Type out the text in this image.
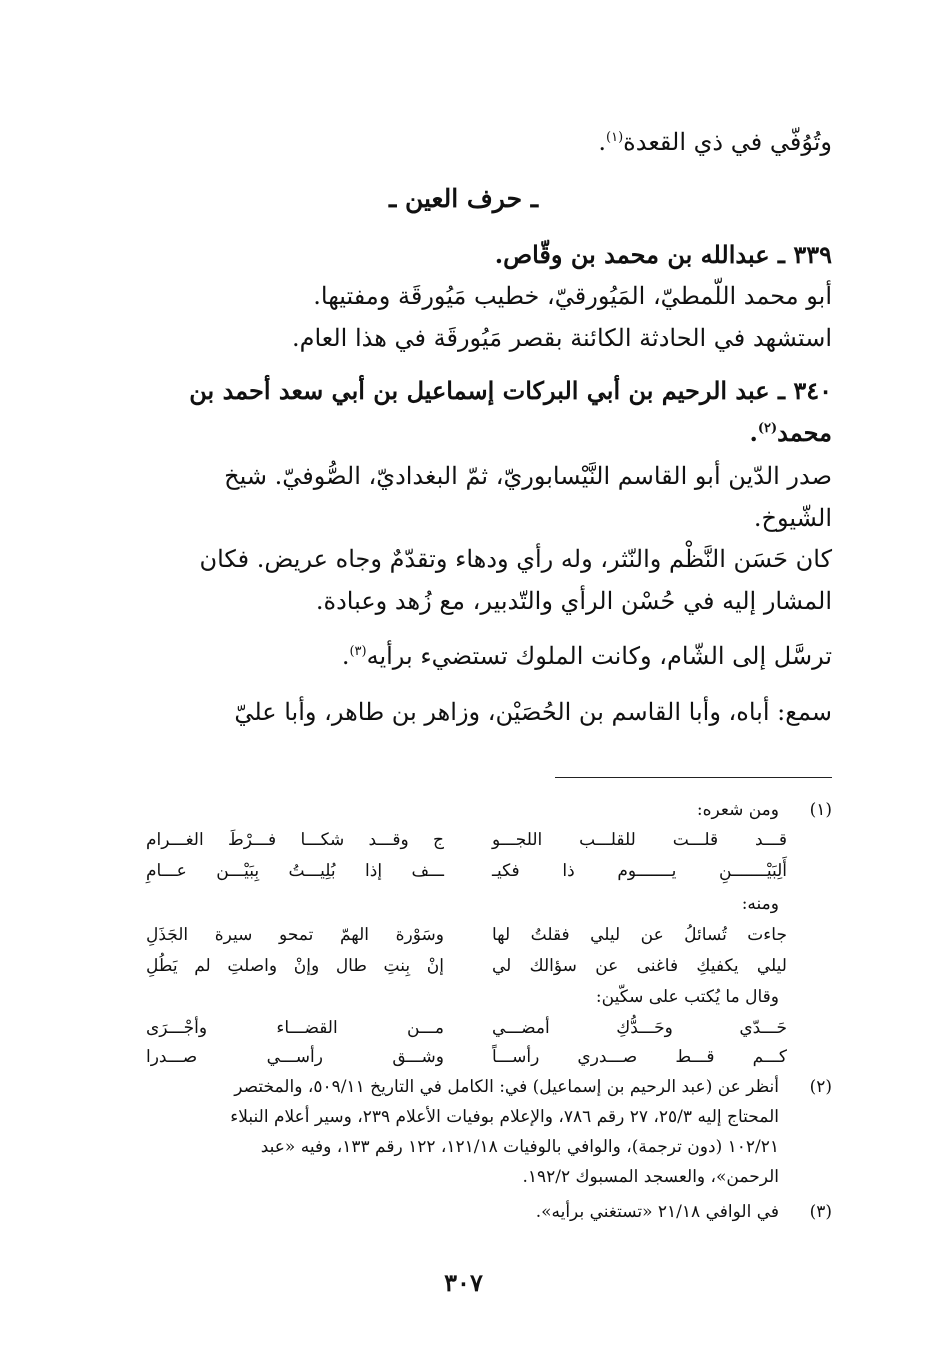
وتُوُفّي في ذي القعدة$^{(١)}$.
ـ حرف العين ـ
٣٣٩ ـ عبدالله بن محمد بن وقّاص.
أبو محمد اللّمطيّ، المَيُورقيّ، خطيب مَيُورقَة ومفتيها.
استشهد في الحادثة الكائنة بقصر مَيُورقَة في هذا العام.
٣٤٠ ـ عبد الرحيم بن أبي البركات إسماعيل بن أبي سعد أحمد بن
محمد$^{(٢)}$.
صدر الدّين أبو القاسم النَّيْسابوريّ، ثمّ البغداديّ، الصُّوفيّ. شيخ
الشّيوخ.
كان حَسَن النَّظْم والنّثر، وله رأي ودهاء وتقدّمٌ وجاه عريض. فكان
المشار إليه في حُسْن الرأي والتّدبير، مع زُهد وعبادة.
ترسَّل إلى الشّام، وكانت الملوك تستضيء برأيه$^{(٣)}$.
سمع: أباه، وأبا القاسم بن الحُصَيْن، وزاهر بن طاهر، وأبا عليّ
(١)
ومن شعره:
قـــد قلـــت للقلـــب اللجـــو
ج وقـــد شكـــا فـــرْطَ الغـــرام
أَلِبَيْـــــــنِ يـــــــوم ذا فكيـ
ـــف إذا بُلِيـــتُ بِبَيْـــن عـــامِ
ومنه:
جاءت تُسائلُ عن ليلي فقلتُ لها
وسَوْرة الهمّ تمحو سيرة الجَذَلِ
ليلي يكفيكِ فاغنى عن سؤالك لي
إنْ بِنتِ طال وإنْ واصلتِ لم يَطُلِ
وقال ما يُكتب على سكّين:
حَـــدّي وحَـــدُّكِ أمضـــي
مـــن القضـــاء وأجْـــرَى
كـــم قـــط صـــدري رأســـاً
وشـــق رأســـي صـــدرا
(٢)
أنظر عن (عبد الرحيم بن إسماعيل) في: الكامل في التاريخ ٥٠٩/١١، والمختصر
المحتاج إليه ٢٥/٣، ٢٧ رقم ٧٨٦، والإعلام بوفيات الأعلام ٢٣٩، وسير أعلام النبلاء
١٠٢/٢١ (دون ترجمة)، والوافي بالوفيات ١٢١/١٨، ١٢٢ رقم ١٣٣، وفيه «عبد
الرحمن»، والعسجد المسبوك ١٩٢/٢.
(٣)
في الوافي ٢١/١٨ «تستغني برأيه».
٣٠٧
